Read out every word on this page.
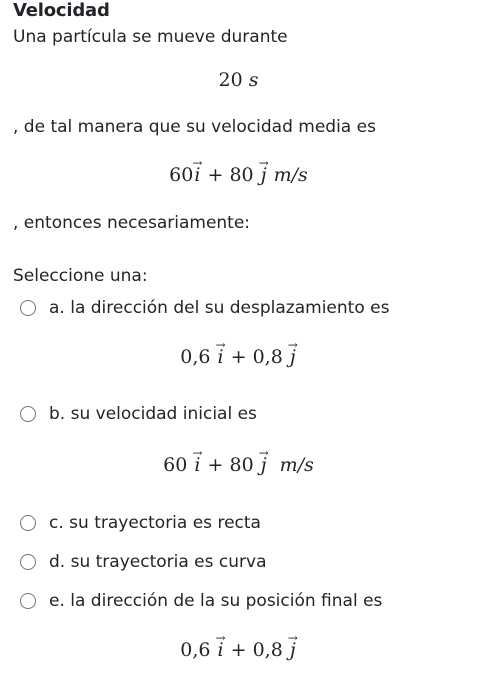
Velocidad
Una partícula se mueve durante
20 s
, de tal manera que su velocidad media es
60→ i + 80 → j m/s
, entonces necesariamente:
Seleccione una:
a. la dirección del su desplazamiento es
0,6 → i + 0,8 → j
b. su velocidad inicial es
60 → i + 80 → j m/s
c. su trayectoria es recta
d. su trayectoria es curva
e. la dirección de la su posición final es
0,6 → i + 0,8 → j
